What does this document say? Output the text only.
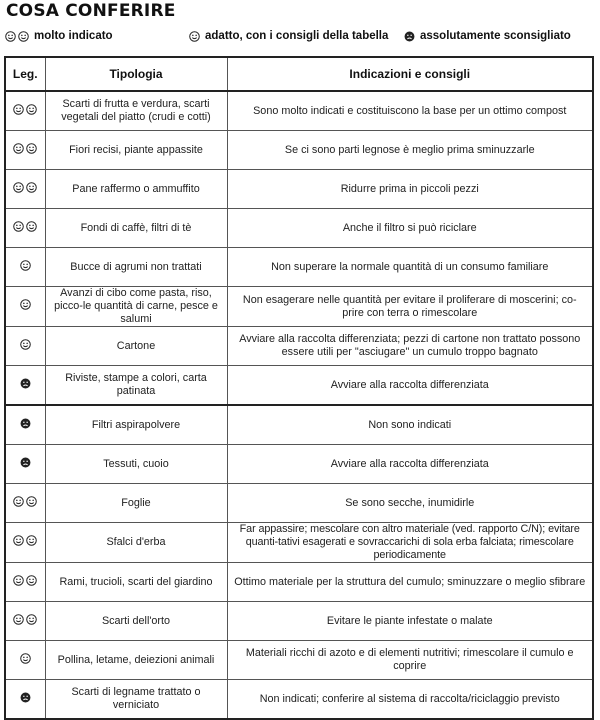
COSA CONFERIRE
molto indicato	adatto, con i consigli della tabella	assolutamente sconsigliato
Leg.	Tipologia	Indicazioni e consigli

	Scarti di frutta e verdura, scarti vegetali del piatto (crudi e cotti)	Sono molto indicati e costituiscono la base per un ottimo compost

	Fiori recisi, piante appassite	Se ci sono parti legnose è meglio prima sminuzzarle

	Pane raffermo o ammuffito	Ridurre prima in piccoli pezzi

	Fondi di caffè, filtri di tè	Anche il filtro si può riciclare

	Bucce di agrumi non trattati	Non superare la normale quantità di un consumo familiare

	Avanzi di cibo come pasta, riso, picco-le quantità di carne, pesce e salumi	Non esagerare nelle quantità per evitare il proliferare di moscerini; co-prire con terra o rimescolare

	Cartone	Avviare alla raccolta differenziata; pezzi di cartone non trattato possono essere utili per "asciugare" un cumulo troppo bagnato

	Riviste, stampe a colori, carta patinata	Avviare alla raccolta differenziata

	Filtri aspirapolvere	Non sono indicati

	Tessuti, cuoio	Avviare alla raccolta differenziata

	Foglie	Se sono secche, inumidirle

	Sfalci d'erba	Far appassire; mescolare con altro materiale (ved. rapporto C/N); evitare quanti-tativi esagerati e sovraccarichi di sola erba falciata; rimescolare periodicamente

	Rami, trucioli, scarti del giardino	Ottimo materiale per la struttura del cumulo; sminuzzare o meglio sfibrare

	Scarti dell'orto	Evitare le piante infestate o malate

	Pollina, letame, deiezioni animali	Materiali ricchi di azoto e di elementi nutritivi; rimescolare il cumulo e coprire

	Scarti di legname trattato o verniciato	Non indicati; conferire al sistema di raccolta/riciclaggio previsto
